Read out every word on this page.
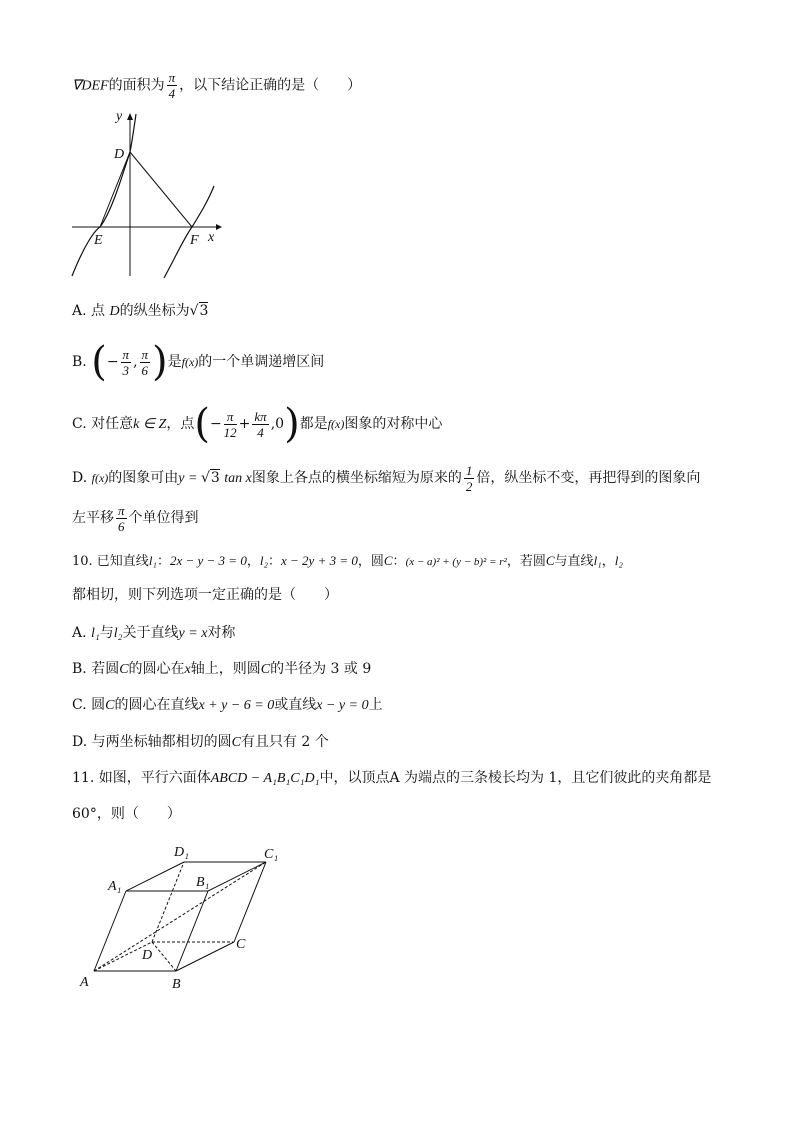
∇DEF的面积为 $\frac{\pi}{4}$ ，以下结论正确的是（　　）
y
x
D
E	F
A. 点 D的纵坐标为√3
B. (− $\frac{\pi}{3}$ , $\frac{\pi}{6}$ )是f(x)的一个单调递增区间
C. 对任意k ∈ Z，点(− $\frac{\pi}{12} + \frac{k\pi}{4} ,0$)都是f(x)图象的对称中心
D. f(x)的图象可由y = √3 tan x图象上各点的横坐标缩短为原来的 $\frac{1}{2}$ 倍，纵坐标不变，再把得到的图象向
左平移 $\frac{\pi}{6}$ 个单位得到
10. 已知直线l₁：2x − y − 3 = 0，l₂：x − 2y + 3 = 0，圆C：(x − a)² + (y − b)² = r²，若圆C与直线l₁，l₂
都相切，则下列选项一定正确的是（　　）
A. l₁与l₂关于直线y = x对称
B. 若圆C的圆心在x轴上，则圆C的半径为 3 或 9
C. 圆C的圆心在直线x + y − 6 = 0或直线x − y = 0上
D. 与两坐标轴都相切的圆C有且只有 2 个
11. 如图，平行六面体ABCD − A₁B₁C₁D₁中，以顶点A 为端点的三条棱长均为 1，且它们彼此的夹角都是
60°，则（　　）
A	B
C
D
A₁	B₁
C₁
D₁
